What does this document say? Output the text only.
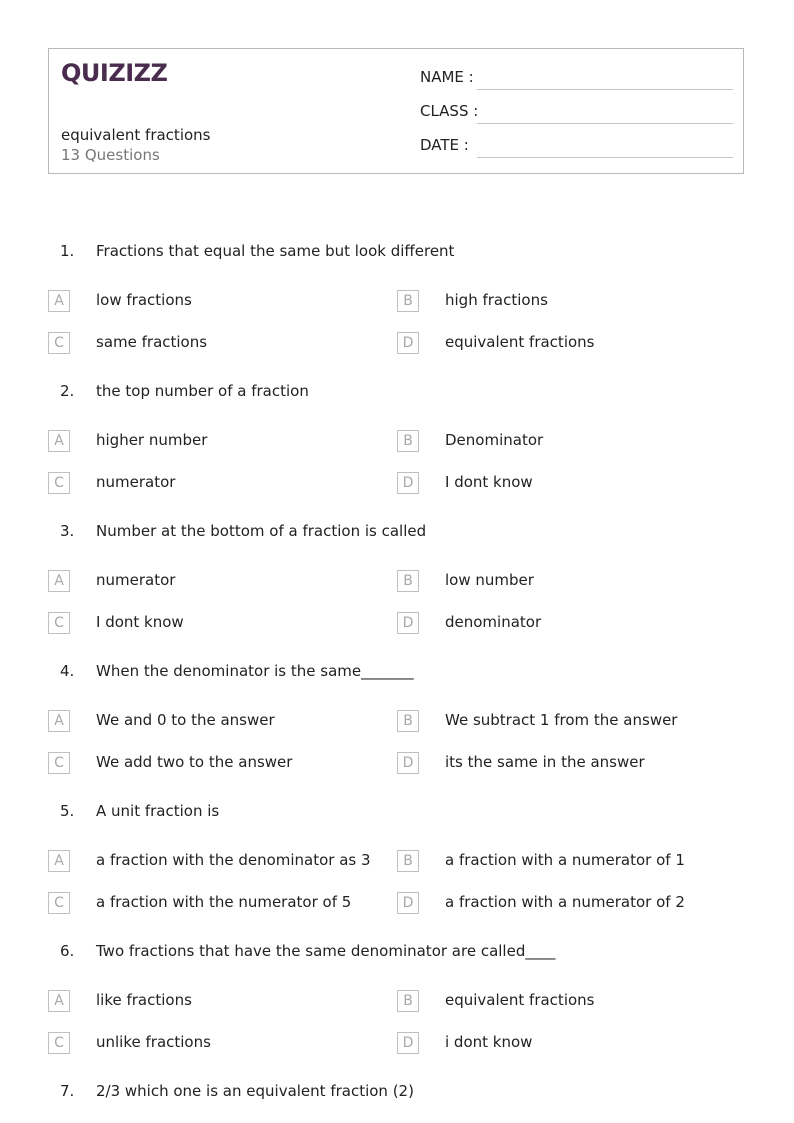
QUIZIZZ
equivalent fractions
13 Questions
NAME :
CLASS :
DATE :
1. Fractions that equal the same but look different
A	low fractions	B	high fractions
C	same fractions	D	equivalent fractions
2. the top number of a fraction
A	higher number	B	Denominator
C	numerator	D	I dont know
3. Number at the bottom of a fraction is called
A	numerator	B	low number
C	I dont know	D	denominator
4. When the denominator is the same_______
A	We and 0 to the answer	B	We subtract 1 from the answer
C	We add two to the answer	D	its the same in the answer
5. A unit fraction is
A	a fraction with the denominator as 3	B	a fraction with a numerator of 1
C	a fraction with the numerator of 5	D	a fraction with a numerator of 2
6. Two fractions that have the same denominator are called____
A	like fractions	B	equivalent fractions
C	unlike fractions	D	i dont know
7. 2/3 which one is an equivalent fraction (2)
